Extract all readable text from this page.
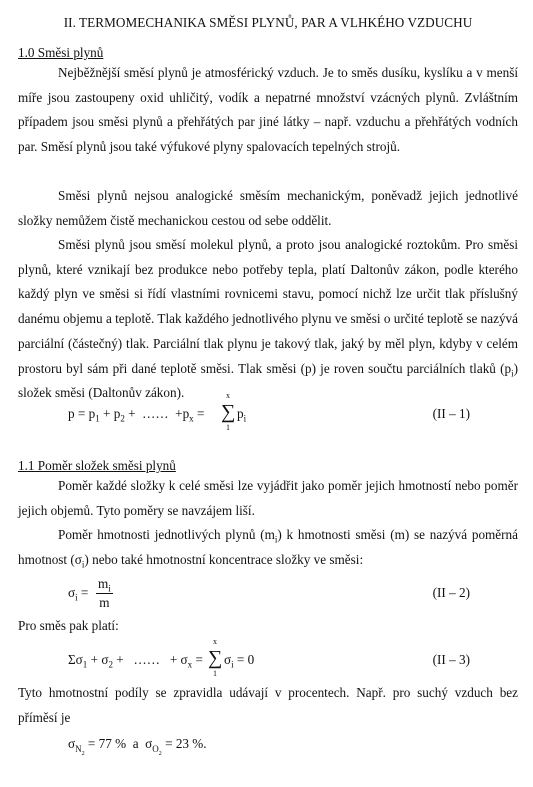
II. TERMOMECHANIKA SMĚSI PLYNŮ, PAR A VLHKÉHO VZDUCHU
1.0 Směsi plynů
Nejběžnější směsí plynů je atmosférický vzduch. Je to směs dusíku, kyslíku a v menší míře jsou zastoupeny oxid uhličitý, vodík a nepatrné množství vzácných plynů. Zvláštním případem jsou směsi plynů a přehřátých par jiné látky – např. vzduchu a přehřátých vodních par. Směsí plynů jsou také výfukové plyny spalovacích tepelných strojů.
Směsi plynů nejsou analogické směsím mechanickým, poněvadž jejich jednotlivé složky nemůžem čistě mechanickou cestou od sebe oddělit.
Směsi plynů jsou směsí molekul plynů, a proto jsou analogické roztokům. Pro směsi plynů, které vznikají bez produkce nebo potřeby tepla, platí Daltonův zákon, podle kterého každý plyn ve směsi si řídí vlastními rovnicemi stavu, pomocí nichž lze určit tlak příslušný danému objemu a teplotě. Tlak každého jednotlivého plynu ve směsi o určité teplotě se nazývá parciální (částečný) tlak. Parciální tlak plynu je takový tlak, jaký by měl plyn, kdyby v celém prostoru byl sám při dané teplotě směsi. Tlak směsi (p) je roven součtu parciálních tlaků $(p_i)$ složek směsi (Daltonův zákon).
$p = p_1 + p_2$ +  ……  $+p_x$ =
x
∑
1
$p_i$	(II – 1)
1.1 Poměr složek směsi plynů
Poměr každé složky k celé směsi lze vyjádřit jako poměr jejich hmotností nebo poměr jejich objemů. Tyto poměry se navzájem liší.
Poměr hmotnosti jednotlivých plynů $(m_i)$ k hmotnosti směsi (m) se nazývá poměrná hmotnost $(\sigma_i)$ nebo také hmotnostní koncentrace složky ve směsi:
$\sigma_i = \frac{m_i}{m}$	(II – 2)
Pro směs pak platí:
$\Sigma\sigma_1 + \sigma_2$ +   ……   + $\sigma_x$ =
x
∑
1
$\sigma_i = 0$	(II – 3)
Tyto hmotnostní podíly se zpravidla udávají v procentech. Např. pro suchý vzduch bez příměsí je
$\sigma_{N_2} = 77$ % a  $\sigma_{O_2} = 23$ %.
